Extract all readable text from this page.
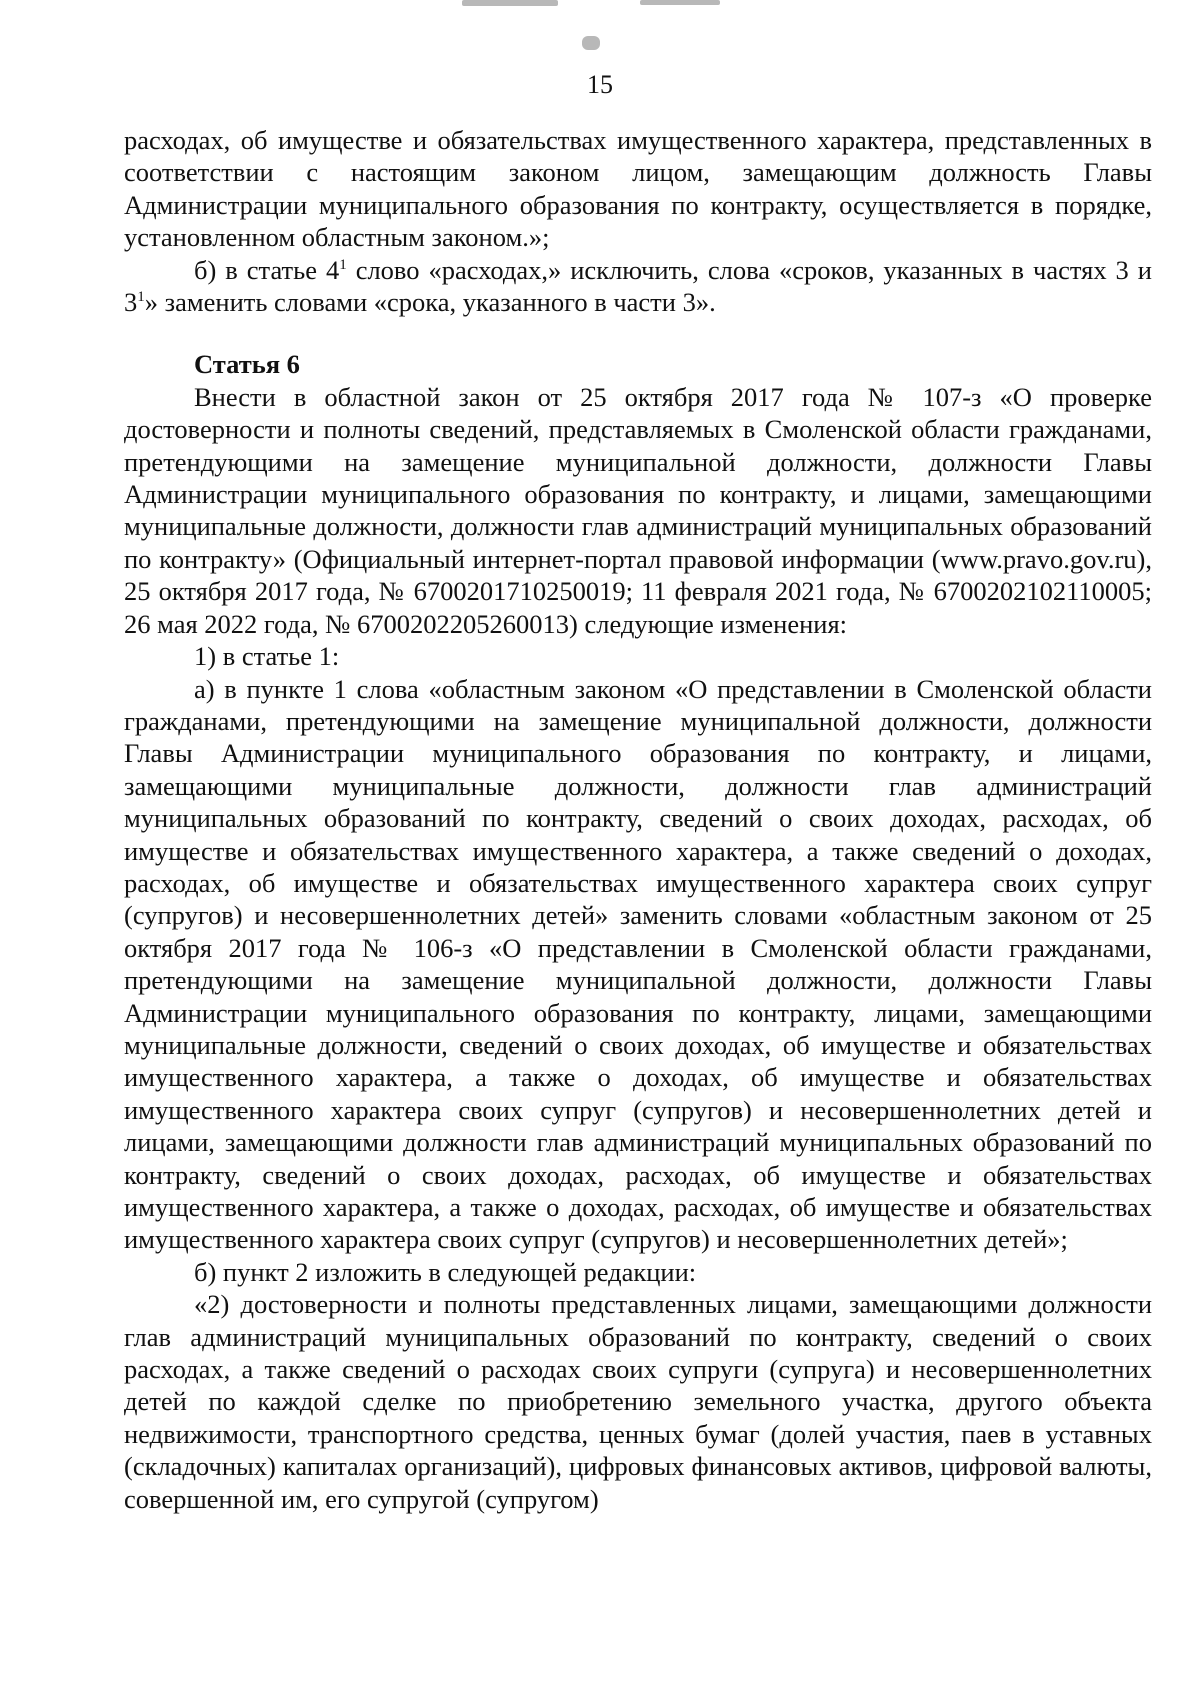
15

расходах, об имуществе и обязательствах имущественного характера, представленных в соответствии с настоящим законом лицом, замещающим должность Главы Администрации муниципального образования по контракту, осуществляется в порядке, установленном областным законом.»;

б) в статье $4^1$ слово «расходах,» исключить, слова «сроков, указанных в частях 3 и $3^1$» заменить словами «срока, указанного в части 3».

Статья 6

Внести в областной закон от 25 октября 2017 года № 107-з «О проверке достоверности и полноты сведений, представляемых в Смоленской области гражданами, претендующими на замещение муниципальной должности, должности Главы Администрации муниципального образования по контракту, и лицами, замещающими муниципальные должности, должности глав администраций муниципальных образований по контракту» (Официальный интернет-портал правовой информации (www.pravo.gov.ru), 25 октября 2017 года, № 6700201710250019; 11 февраля 2021 года, № 6700202102110005; 26 мая 2022 года, № 6700202205260013) следующие изменения:

1) в статье 1:

а) в пункте 1 слова «областным законом «О представлении в Смоленской области гражданами, претендующими на замещение муниципальной должности, должности Главы Администрации муниципального образования по контракту, и лицами, замещающими муниципальные должности, должности глав администраций муниципальных образований по контракту, сведений о своих доходах, расходах, об имуществе и обязательствах имущественного характера, а также сведений о доходах, расходах, об имуществе и обязательствах имущественного характера своих супруг (супругов) и несовершеннолетних детей» заменить словами «областным законом от 25 октября 2017 года № 106-з «О представлении в Смоленской области гражданами, претендующими на замещение муниципальной должности, должности Главы Администрации муниципального образования по контракту, лицами, замещающими муниципальные должности, сведений о своих доходах, об имуществе и обязательствах имущественного характера, а также о доходах, об имуществе и обязательствах имущественного характера своих супруг (супругов) и несовершеннолетних детей и лицами, замещающими должности глав администраций муниципальных образований по контракту, сведений о своих доходах, расходах, об имуществе и обязательствах имущественного характера, а также о доходах, расходах, об имуществе и обязательствах имущественного характера своих супруг (супругов) и несовершеннолетних детей»;

б) пункт 2 изложить в следующей редакции:

«2) достоверности и полноты представленных лицами, замещающими должности глав администраций муниципальных образований по контракту, сведений о своих расходах, а также сведений о расходах своих супруги (супруга) и несовершеннолетних детей по каждой сделке по приобретению земельного участка, другого объекта недвижимости, транспортного средства, ценных бумаг (долей участия, паев в уставных (складочных) капиталах организаций), цифровых финансовых активов, цифровой валюты, совершенной им, его супругой (супругом)
